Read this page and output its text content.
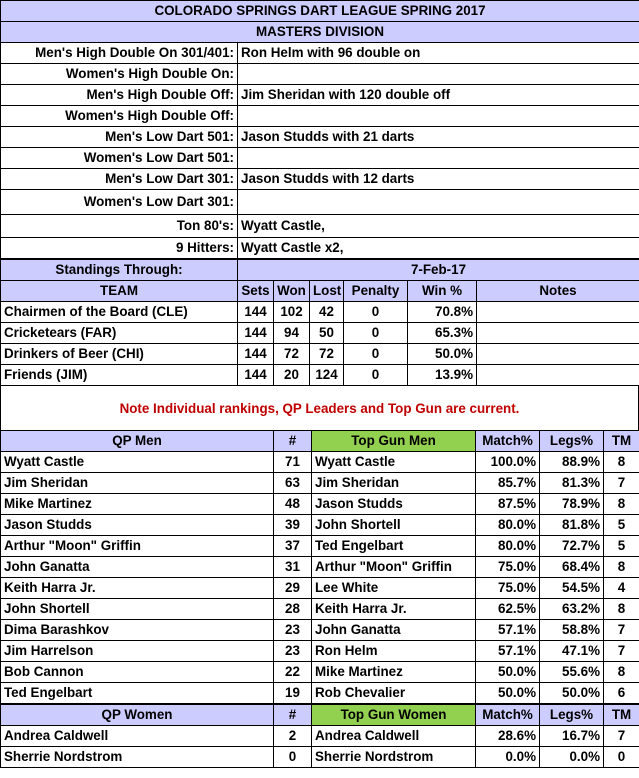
COLORADO SPRINGS DART LEAGUE SPRING 2017	
MASTERS DIVISION	
Men's High Double On 301/401:	Ron Helm with 96 double on
Women's High Double On:	
Men's High Double Off:	Jim Sheridan with 120 double off
Women's High Double Off:	
Men's Low Dart 501:	Jason Studds with 21 darts
Women's Low Dart 501:	
Men's Low Dart 301:	Jason Studds with 12 darts
Women's Low Dart 301:	
Ton 80's:	Wyatt Castle,
9 Hitters:	Wyatt Castle x2,
Standings Through:	7-Feb-17					
TEAM	Sets	Won	Lost	Penalty	Win %	Notes
Chairmen of the Board (CLE)	144	102	42	0	70.8%	
Cricketears (FAR)	144	94	50	0	65.3%	
Drinkers of Beer (CHI)	144	72	72	0	50.0%	
Friends (JIM)	144	20	124	0	13.9%	
Note Individual rankings, QP Leaders and Top Gun are current.
QP Men	#	Top Gun Men	Match%	Legs%	TM
Wyatt Castle	71	Wyatt Castle	100.0%	88.9%	8
Jim Sheridan	63	Jim Sheridan	85.7%	81.3%	7
Mike Martinez	48	Jason Studds	87.5%	78.9%	8
Jason Studds	39	John Shortell	80.0%	81.8%	5
Arthur "Moon" Griffin	37	Ted Engelbart	80.0%	72.7%	5
John Ganatta	31	Arthur "Moon" Griffin	75.0%	68.4%	8
Keith Harra Jr.	29	Lee White	75.0%	54.5%	4
John Shortell	28	Keith Harra Jr.	62.5%	63.2%	8
Dima Barashkov	23	John Ganatta	57.1%	58.8%	7
Jim Harrelson	23	Ron Helm	57.1%	47.1%	7
Bob Cannon	22	Mike Martinez	50.0%	55.6%	8
Ted Engelbart	19	Rob Chevalier	50.0%	50.0%	6
QP Women	#	Top Gun Women	Match%	Legs%	TM
Andrea Caldwell	2	Andrea Caldwell	28.6%	16.7%	7
Sherrie Nordstrom	0	Sherrie Nordstrom	0.0%	0.0%	0
